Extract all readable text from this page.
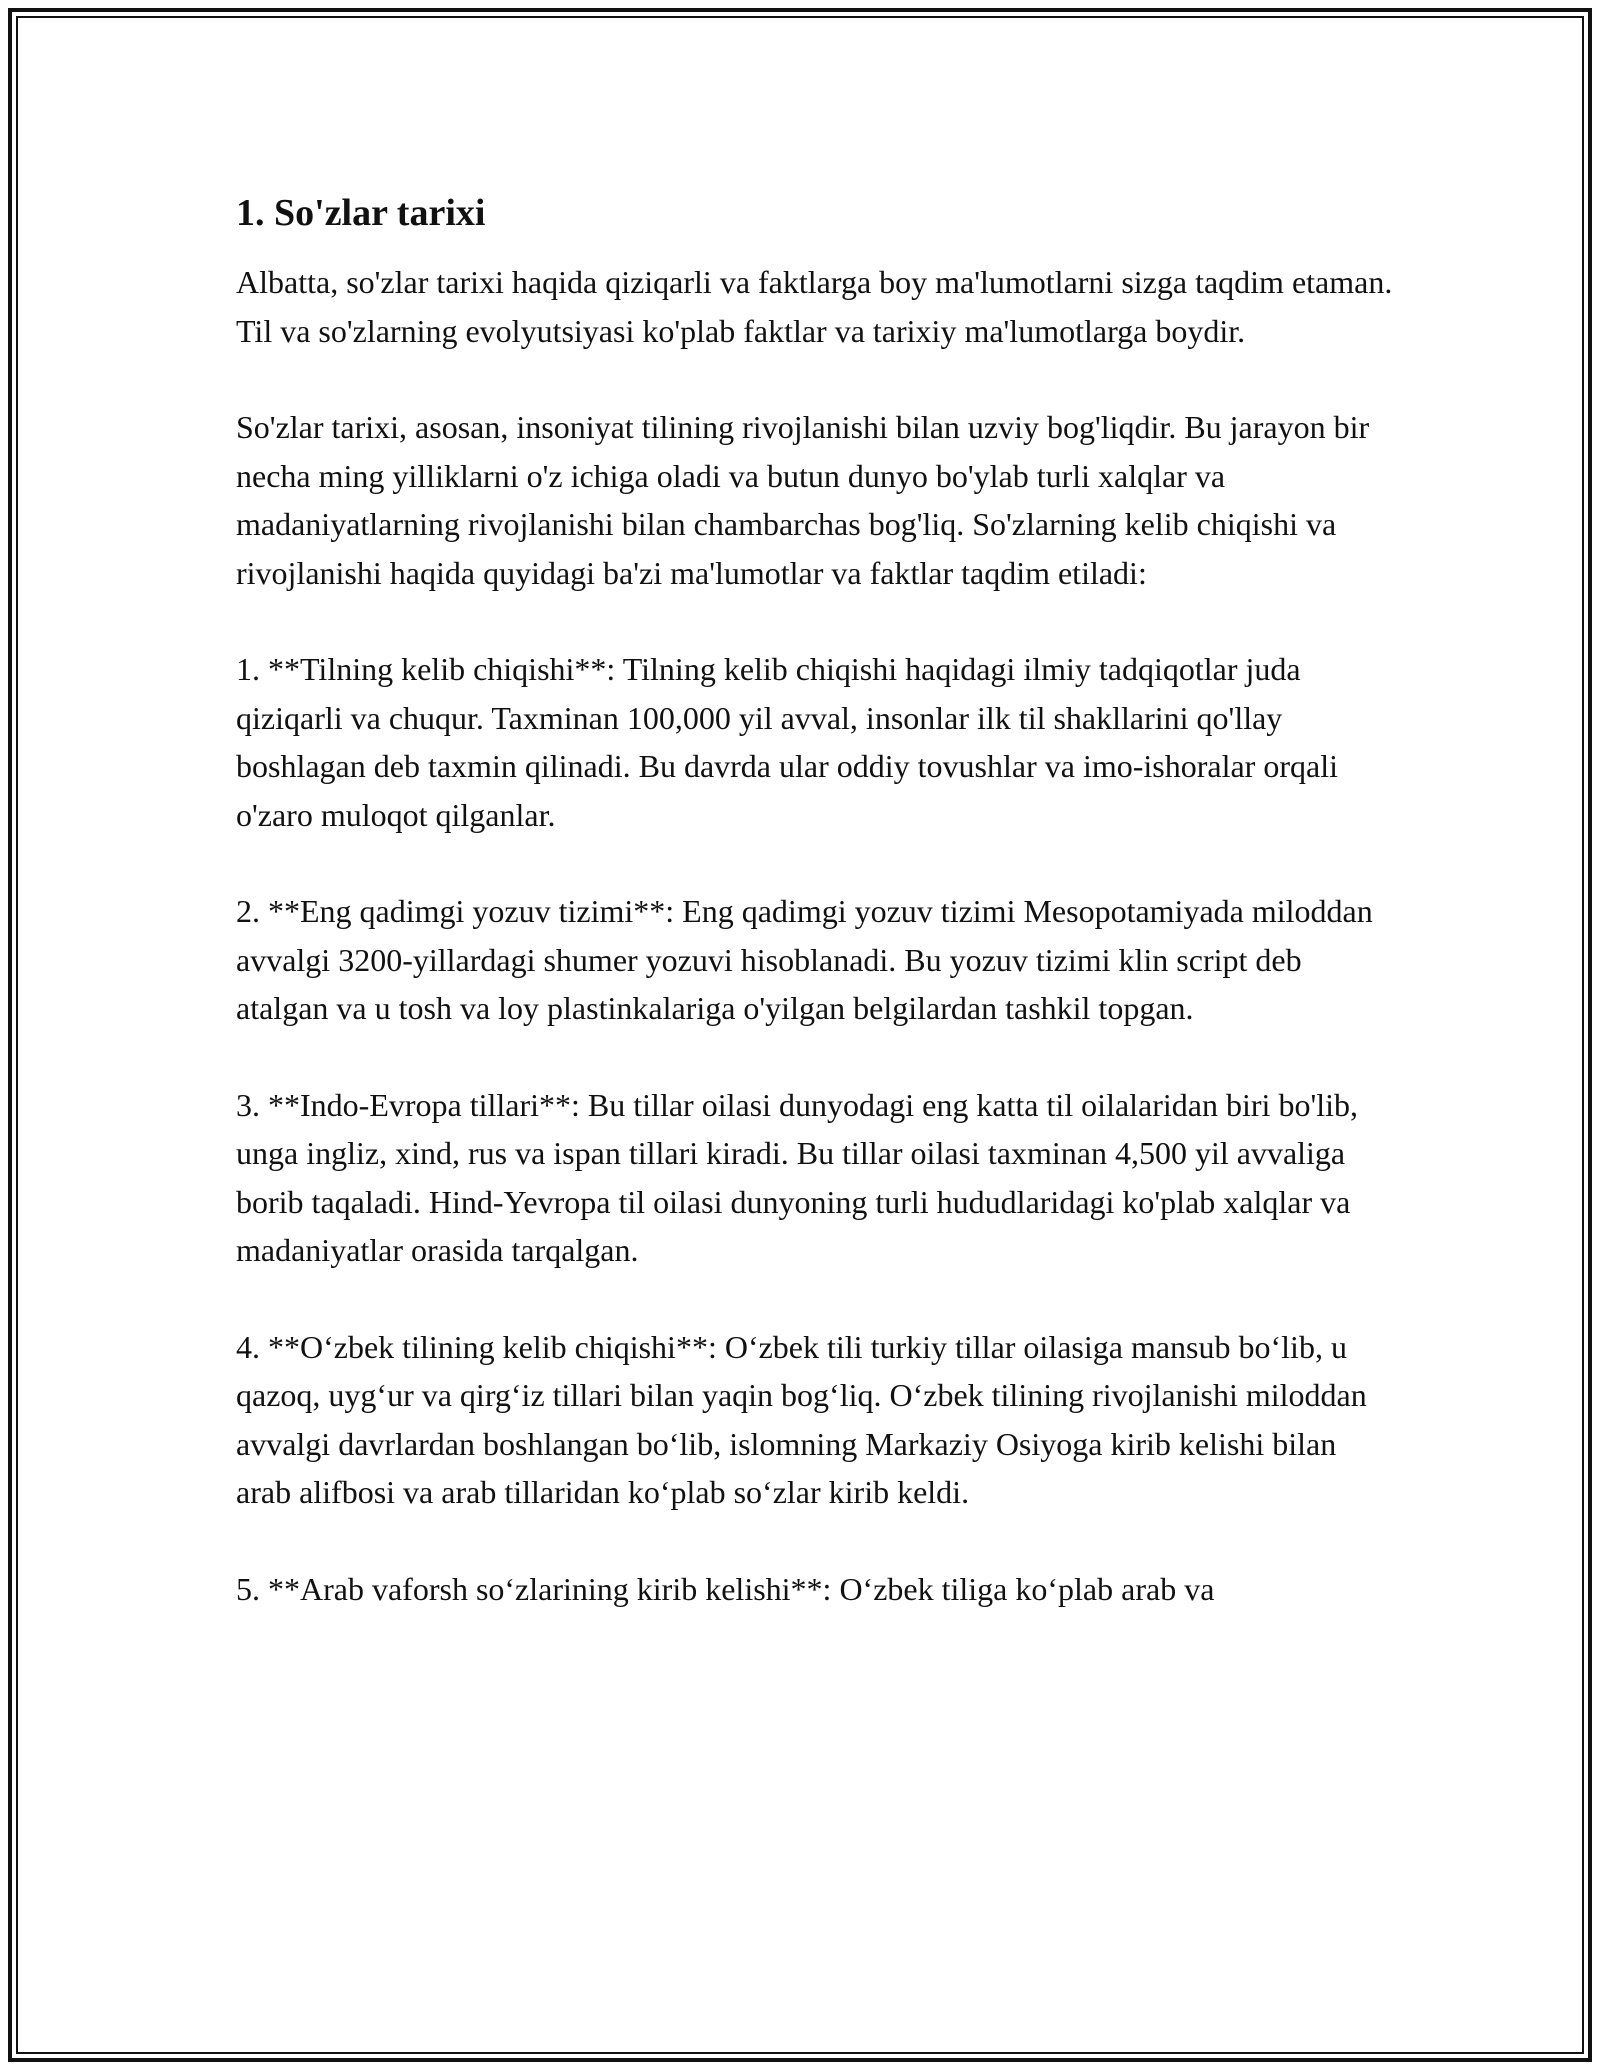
1. So'zlar tarixi

Albatta, so'zlar tarixi haqida qiziqarli va faktlarga boy ma'lumotlarni sizga taqdim etaman. Til va so'zlarning evolyutsiyasi ko'plab faktlar va tarixiy ma'lumotlarga boydir.

So'zlar tarixi, asosan, insoniyat tilining rivojlanishi bilan uzviy bog'liqdir. Bu jarayon bir necha ming yilliklarni o'z ichiga oladi va butun dunyo bo'ylab turli xalqlar va madaniyatlarning rivojlanishi bilan chambarchas bog'liq. So'zlarning kelib chiqishi va rivojlanishi haqida quyidagi ba'zi ma'lumotlar va faktlar taqdim etiladi:

1. **Tilning kelib chiqishi**: Tilning kelib chiqishi haqidagi ilmiy tadqiqotlar juda qiziqarli va chuqur. Taxminan 100,000 yil avval, insonlar ilk til shakllarini qo'llay boshlagan deb taxmin qilinadi. Bu davrda ular oddiy tovushlar va imo-ishoralar orqali o'zaro muloqot qilganlar.

2. **Eng qadimgi yozuv tizimi**: Eng qadimgi yozuv tizimi Mesopotamiyada miloddan avvalgi 3200-yillardagi shumer yozuvi hisoblanadi. Bu yozuv tizimi klin script deb atalgan va u tosh va loy plastinkalariga o'yilgan belgilardan tashkil topgan.

3. **Indo-Evropa tillari**: Bu tillar oilasi dunyodagi eng katta til oilalaridan biri bo'lib, unga ingliz, xind, rus va ispan tillari kiradi. Bu tillar oilasi taxminan 4,500 yil avvaliga borib taqaladi. Hind-Yevropa til oilasi dunyoning turli hududlaridagi ko'plab xalqlar va madaniyatlar orasida tarqalgan.

4. **O‘zbek tilining kelib chiqishi**: O‘zbek tili turkiy tillar oilasiga mansub bo‘lib, u qazoq, uyg‘ur va qirg‘iz tillari bilan yaqin bog‘liq. O‘zbek tilining rivojlanishi miloddan avvalgi davrlardan boshlangan bo‘lib, islomning Markaziy Osiyoga kirib kelishi bilan arab alifbosi va arab tillaridan ko‘plab so‘zlar kirib keldi.

5. **Arab vaforsh so‘zlarining kirib kelishi**: O‘zbek tiliga ko‘plab arab va
